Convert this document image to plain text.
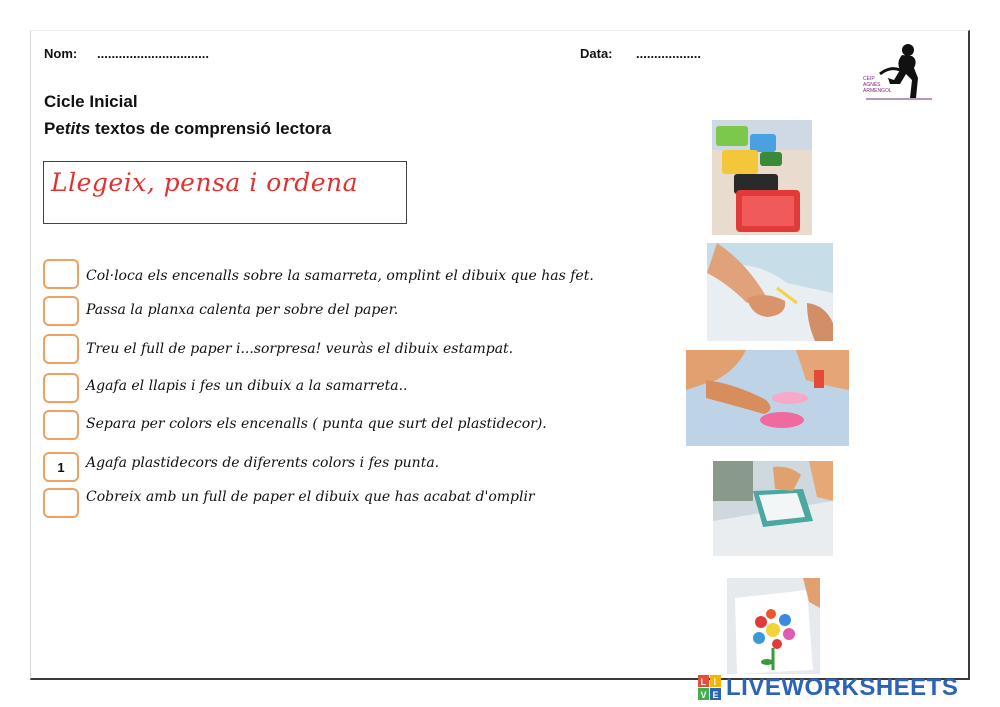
Nom: ...............................	Data: ..................
CEIP
AGNÈS
ARMENGOL
Cicle Inicial
Petits textos de comprensió lectora
Llegeix, pensa i ordena
Col·loca els encenalls sobre la samarreta, omplint el dibuix que has fet.
Passa la planxa calenta per sobre del paper.
Treu el full de paper i...sorpresa! veuràs el dibuix estampat.
Agafa el llapis i fes un dibuix a la samarreta..
Separa per colors els encenalls ( punta que surt del plastidecor).
1	Agafa plastidecors de diferents colors i fes punta.
Cobreix amb un full de paper el dibuix que has acabat d'omplir
L I
V E LIVEWORKSHEETS
